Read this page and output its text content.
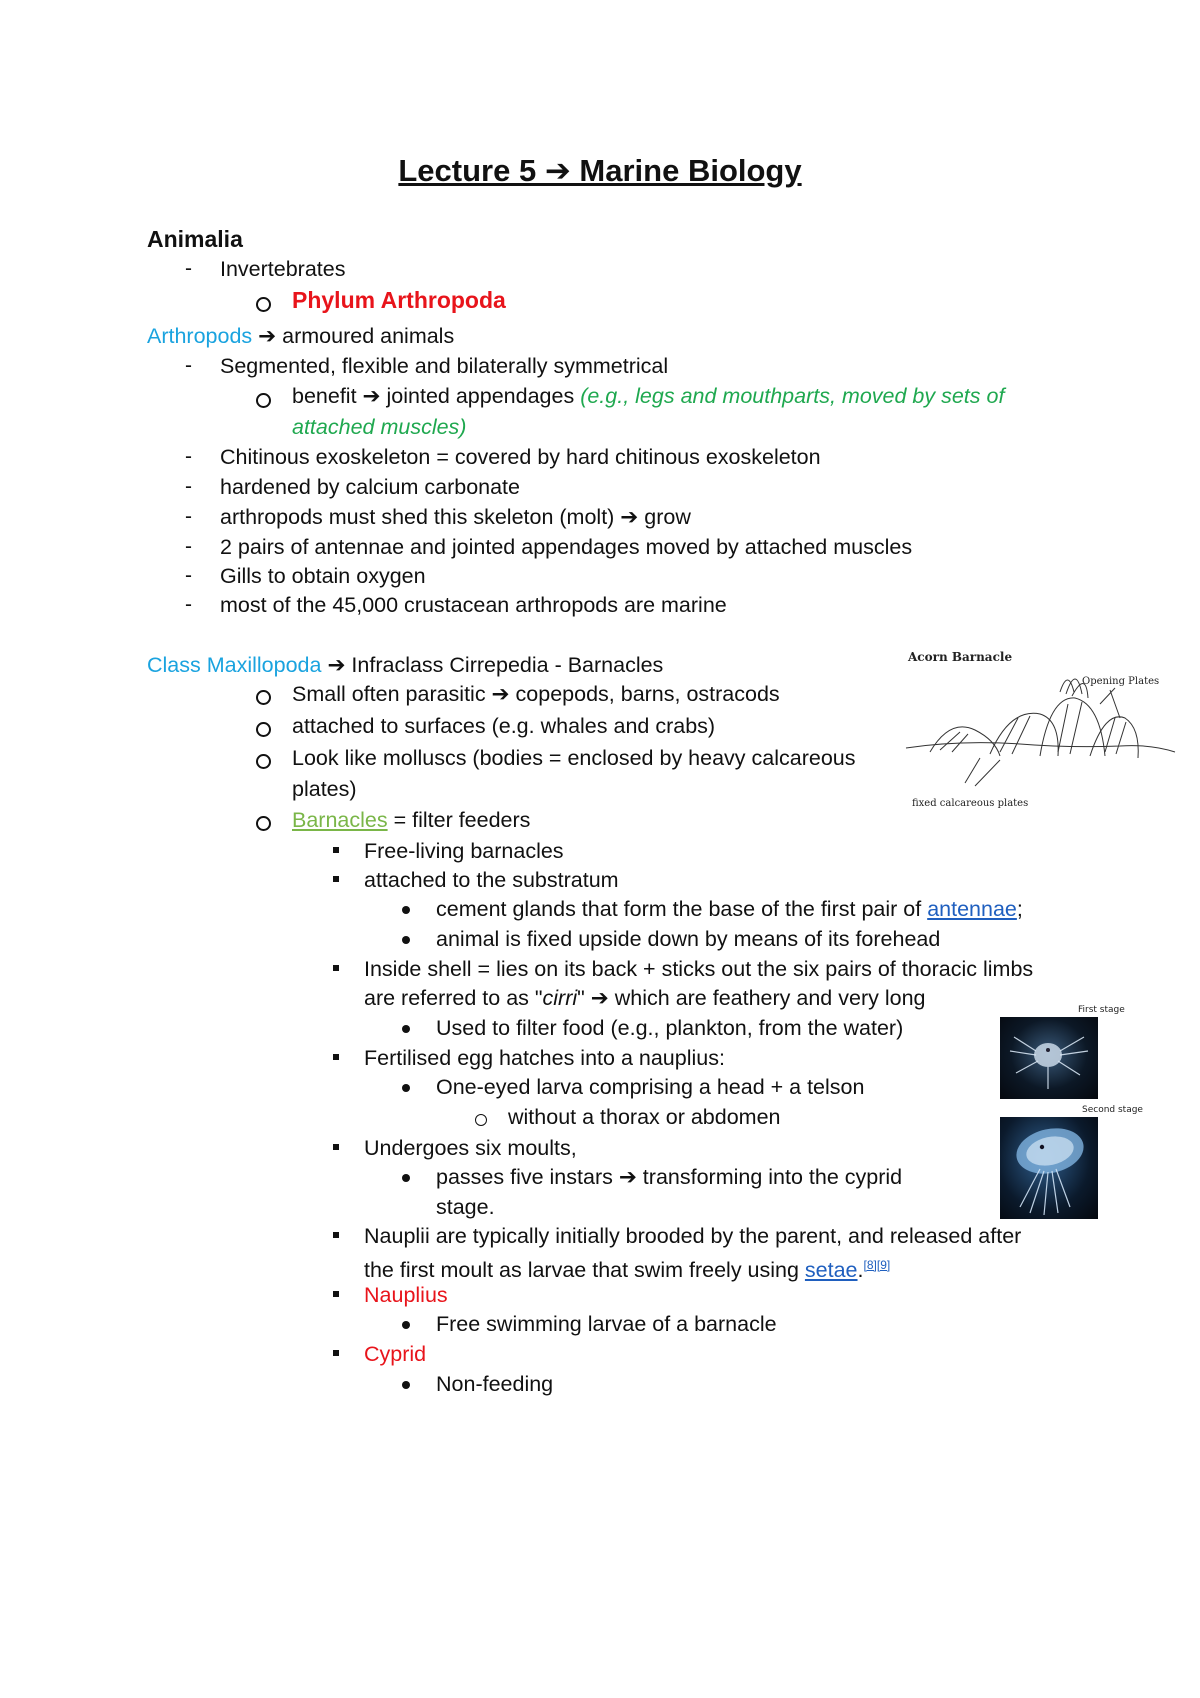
Lecture 5 ➔ Marine Biology
Animalia
- Invertebrates
Phylum Arthropoda
Arthropods ➔ armoured animals
- Segmented, flexible and bilaterally symmetrical
benefit ➔ jointed appendages (e.g., legs and mouthparts, moved by sets of
attached muscles)
- Chitinous exoskeleton = covered by hard chitinous exoskeleton
- hardened by calcium carbonate
- arthropods must shed this skeleton (molt) ➔ grow
- 2 pairs of antennae and jointed appendages moved by attached muscles
- Gills to obtain oxygen
- most of the 45,000 crustacean arthropods are marine
Class Maxillopoda ➔ Infraclass Cirrepedia - Barnacles
Small often parasitic ➔ copepods, barns, ostracods
attached to surfaces (e.g. whales and crabs)
Look like molluscs (bodies = enclosed by heavy calcareous
plates)
Barnacles = filter feeders
Free-living barnacles
attached to the substratum
cement glands that form the base of the first pair of antennae;
animal is fixed upside down by means of its forehead
Inside shell = lies on its back + sticks out the six pairs of thoracic limbs
are referred to as "cirri" ➔ which are feathery and very long
Used to filter food (e.g., plankton, from the water)
Fertilised egg hatches into a nauplius:
One-eyed larva comprising a head + a telson
without a thorax or abdomen
Undergoes six moults,
passes five instars ➔ transforming into the cyprid
stage.
Nauplii are typically initially brooded by the parent, and released after
the first moult as larvae that swim freely using setae.[8][9]
Nauplius
Free swimming larvae of a barnacle
Cyprid
Non-feeding
Acorn Barnacle
Opening Plates
fixed calcareous plates
First stage
Second stage
